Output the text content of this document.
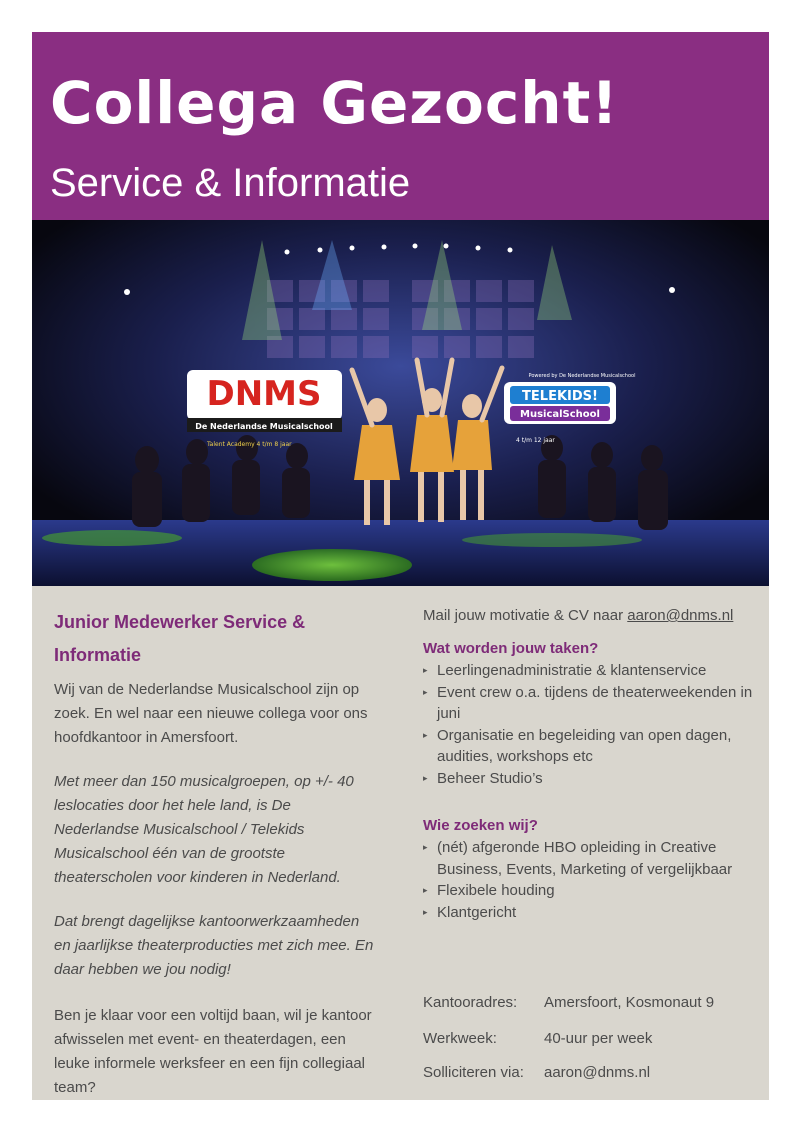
Collega Gezocht!
Service & Informatie
DNMS
De Nederlandse Musicalschool
Talent Academy 4 t/m 8 jaar
Powered by De Nederlandse Musicalschool
TELEKIDS!
MusicalSchool
4 t/m 12 jaar
Junior Medewerker Service & Informatie

Wij van de Nederlandse Musicalschool zijn op zoek. En wel naar een nieuwe collega voor ons hoofdkantoor in Amersfoort.

Met meer dan 150 musicalgroepen, op +/- 40 leslocaties door het hele land, is De Nederlandse Musicalschool / Telekids Musicalschool één van de grootste theaterscholen voor kinderen in Nederland.

Dat brengt dagelijkse kantoorwerkzaamheden en jaarlijkse theaterproducties met zich mee. En daar hebben we jou nodig!

Ben je klaar voor een voltijd baan, wil je kantoor afwisselen met event- en theaterdagen, een leuke informele werksfeer en een fijn collegiaal team?

Mail jouw motivatie & CV naar aaron@dnms.nl
Wat worden jouw taken?
▸ Leerlingenadministratie & klantenservice
▸ Event crew o.a. tijdens de theaterweekenden in juni
▸ Organisatie en begeleiding van open dagen, audities, workshops etc
▸ Beheer Studio’s
Wie zoeken wij?
▸ (nét) afgeronde HBO opleiding in Creative Business, Events, Marketing of vergelijkbaar
▸ Flexibele houding
▸ Klantgericht
Kantooradres: Amersfoort, Kosmonaut 9
Werkweek:	40-uur per week
Solliciteren via: aaron@dnms.nl
